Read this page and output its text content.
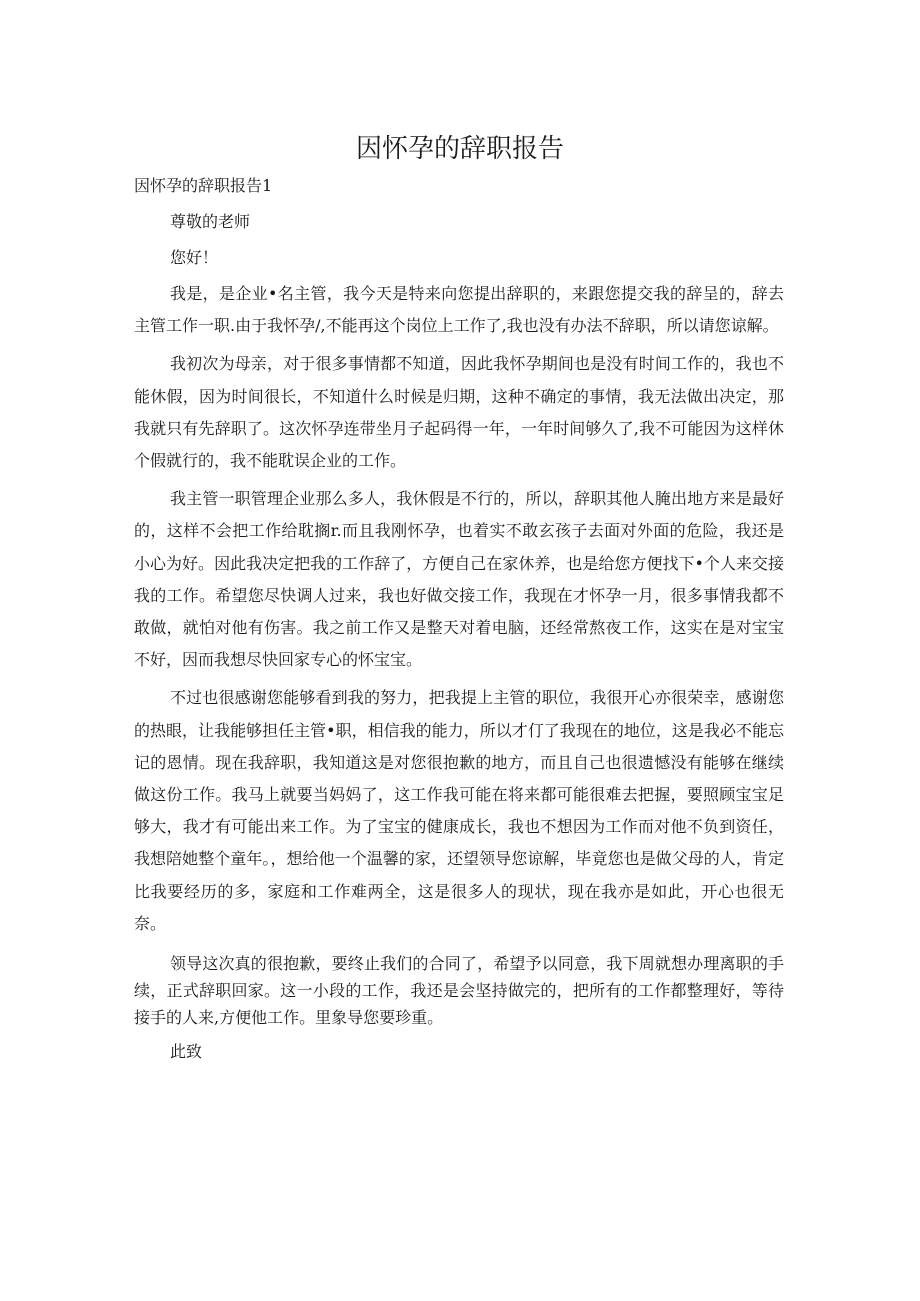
因怀孕的辞职报告

因怀孕的辞职报告1

尊敬的老师

您好！

我是，是企业•名主管，我今天是特来向您提出辞职的，来跟您提交我的辞呈的，辞去主管工作一职.由于我怀孕/,不能再这个岗位上工作了,我也没有办法不辞职，所以请您谅解。

我初次为母亲，对于很多事情都不知道，因此我怀孕期间也是没有时间工作的，我也不能休假，因为时间很长，不知道什么时候是归期，这种不确定的事情，我无法做出决定，那我就只有先辞职了。这次怀孕连带坐月子起码得一年，一年时间够久了,我不可能因为这样休个假就行的，我不能耽误企业的工作。

我主管一职管理企业那么多人，我休假是不行的，所以，辞职其他人腌出地方来是最好的，这样不会把工作给耽搁r.而且我刚怀孕，也着实不敢玄孩子去面对外面的危险，我还是小心为好。因此我决定把我的工作辞了，方便自己在家休养，也是给您方便找下•个人来交接我的工作。希望您尽快调人过来，我也好做交接工作，我现在才怀孕一月，很多事情我都不敢做，就怕对他有伤害。我之前工作又是整天对着电脑，还经常熬夜工作，这实在是对宝宝不好，因而我想尽快回家专心的怀宝宝。

不过也很感谢您能够看到我的努力，把我提上主管的职位，我很开心亦很荣幸，感谢您的热眼，让我能够担任主管•职，相信我的能力，所以才仃了我现在的地位，这是我必不能忘记的恩情。现在我辞职，我知道这是对您很抱歉的地方，而且自己也很遗憾没有能够在继续做这份工作。我马上就要当妈妈了，这工作我可能在将来都可能很难去把握，要照顾宝宝足够大，我才有可能出来工作。为了宝宝的健康成长，我也不想因为工作而对他不负到资任，我想陪她整个童年。，想给他一个温馨的家，还望领导您谅解，毕竟您也是做父母的人，肯定比我要经历的多，家庭和工作难两全，这是很多人的现状，现在我亦是如此，开心也很无奈。

领导这次真的很抱歉，要终止我们的合同了，希望予以同意，我下周就想办理离职的手续，正式辞职回家。这一小段的工作，我还是会坚持做完的，把所有的工作都整理好，等待接手的人来,方便他工作。里象导您要珍重。

此致
